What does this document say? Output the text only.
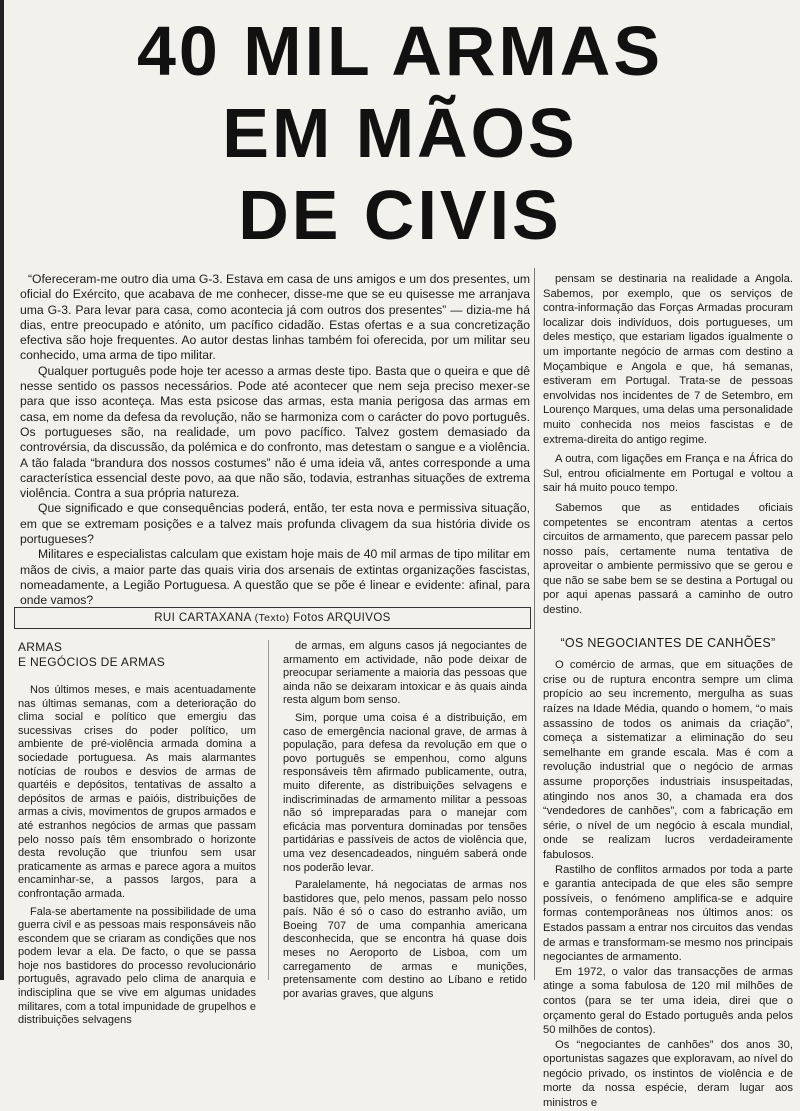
40 MIL ARMAS
EM MÃOS
DE CIVIS

“Ofereceram-me outro dia uma G-3. Estava em casa de uns amigos e um dos presentes, um oficial do Exército, que acabava de me conhecer, disse-me que se eu quisesse me arranjava uma G-3. Para levar para casa, como acontecia já com outros dos presentes” — dizia-me há dias, entre preocupado e atónito, um pacífico cidadão. Estas ofertas e a sua concretização efectiva são hoje frequentes. Ao autor destas linhas também foi oferecida, por um militar seu conhecido, uma arma de tipo militar.

Qualquer português pode hoje ter acesso a armas deste tipo. Basta que o queira e que dê nesse sentido os passos necessários. Pode até acontecer que nem seja preciso mexer-se para que isso aconteça. Mas esta psicose das armas, esta mania perigosa das armas em casa, em nome da defesa da revolução, não se harmoniza com o carácter do povo português. Os portugueses são, na realidade, um povo pacífico. Talvez gostem demasiado da controvérsia, da discussão, da polémica e do confronto, mas detestam o sangue e a violência. A tão falada “brandura dos nossos costumes” não é uma ideia vã, antes corresponde a uma característica essencial deste povo, aa que não são, todavia, estranhas situações de extrema violência. Contra a sua própria natureza.

Que significado e que consequências poderá, então, ter esta nova e permissiva situação, em que se extremam posições e a talvez mais profunda clivagem da sua história divide os portugueses?

Militares e especialistas calculam que existam hoje mais de 40 mil armas de tipo militar em mãos de civis, a maior parte das quais viria dos arsenais de extintas organizações fascistas, nomeadamente, a Legião Portuguesa. A questão que se põe é linear e evidente: afinal, para onde vamos?

pensam se destinaria na realidade a Angola. Sabemos, por exemplo, que os serviços de contra-informação das Forças Armadas procuram localizar dois indivíduos, dois portugueses, um deles mestiço, que estariam ligados igualmente o um importante negócio de armas com destino a Moçambique e Angola e que, há semanas, estiveram em Portugal. Trata-se de pessoas envolvidas nos incidentes de 7 de Setembro, em Lourenço Marques, uma delas uma personalidade muito conhecida nos meios fascistas e de extrema-direita do antigo regime.

A outra, com ligações em França e na África do Sul, entrou oficialmente em Portugal e voltou a sair há muito pouco tempo.

Sabemos que as entidades oficiais competentes se encontram atentas a certos circuitos de armamento, que parecem passar pelo nosso país, certamente numa tentativa de aproveitar o ambiente permissivo que se gerou e que não se sabe bem se se destina a Portugal ou por aqui apenas passará a caminho de outro destino.

“OS NEGOCIANTES DE CANHÕES”

O comércio de armas, que em situações de crise ou de ruptura encontra sempre um clima propício ao seu incremento, mergulha as suas raízes na Idade Média, quando o homem, “o mais assassino de todos os animais da criação”, começa a sistematizar a eliminação do seu semelhante em grande escala. Mas é com a revolução industrial que o negócio de armas assume proporções industriais insuspeitadas, atingindo nos anos 30, a chamada era dos “vendedores de canhões”, com a fabricação em série, o nível de um negócio à escala mundial, onde se realizam lucros verdadeiramente fabulosos.

Rastilho de conflitos armados por toda a parte e garantia antecipada de que eles são sempre possíveis, o fenómeno amplifica-se e adquire formas contemporâneas nos últimos anos: os Estados passam a entrar nos circuitos das vendas de armas e transformam-se mesmo nos principais negociantes de armamento.

Em 1972, o valor das transacções de armas atinge a soma fabulosa de 120 mil milhões de contos (para se ter uma ideia, direi que o orçamento geral do Estado português anda pelos 50 milhões de contos).

Os “negociantes de canhões” dos anos 30, oportunistas sagazes que exploravam, ao nível do negócio privado, os instintos de violência e de morte da nossa espécie, deram lugar aos ministros e

RUI CARTAXANA (Texto) Fotos ARQUIVOS
ARMAS
E NEGÓCIOS DE ARMAS

Nos últimos meses, e mais acentuadamente nas últimas semanas, com a deterioração do clima social e político que emergiu das sucessivas crises do poder político, um ambiente de pré-violência armada domina a sociedade portuguesa. As mais alarmantes notícias de roubos e desvios de armas de quartéis e depósitos, tentativas de assalto a depósitos de armas e paióis, distribuições de armas a civis, movimentos de grupos armados e até estranhos negócios de armas que passam pelo nosso país têm ensombrado o horizonte desta revolução que triunfou sem usar praticamente as armas e parece agora a muitos encaminhar-se, a passos largos, para a confrontação armada.

Fala-se abertamente na possibilidade de uma guerra civil e as pessoas mais responsáveis não escondem que se criaram as condições que nos podem levar a ela. De facto, o que se passa hoje nos bastidores do processo revolucionário português, agravado pelo clima de anarquia e indisciplina que se vive em algumas unidades militares, com a total impunidade de grupelhos e distribuições selvagens

de armas, em alguns casos já negociantes de armamento em actividade, não pode deixar de preocupar seriamente a maioria das pessoas que ainda não se deixaram intoxicar e às quais ainda resta algum bom senso.

Sim, porque uma coisa é a distribuição, em caso de emergência nacional grave, de armas à população, para defesa da revolução em que o povo português se empenhou, como alguns responsáveis têm afirmado publicamente, outra, muito diferente, as distribuições selvagens e indiscriminadas de armamento militar a pessoas não só impreparadas para o manejar com eficácia mas porventura dominadas por tensões partidárias e passíveis de actos de violência que, uma vez desencadeados, ninguém saberá onde nos poderão levar.

Paralelamente, há negociatas de armas nos bastidores que, pelo menos, passam pelo nosso país. Não é só o caso do estranho avião, um Boeing 707 de uma companhia americana desconhecida, que se encontra há quase dois meses no Aeroporto de Lisboa, com um carregamento de armas e munições, pretensamente com destino ao Líbano e retido por avarias graves, que alguns
